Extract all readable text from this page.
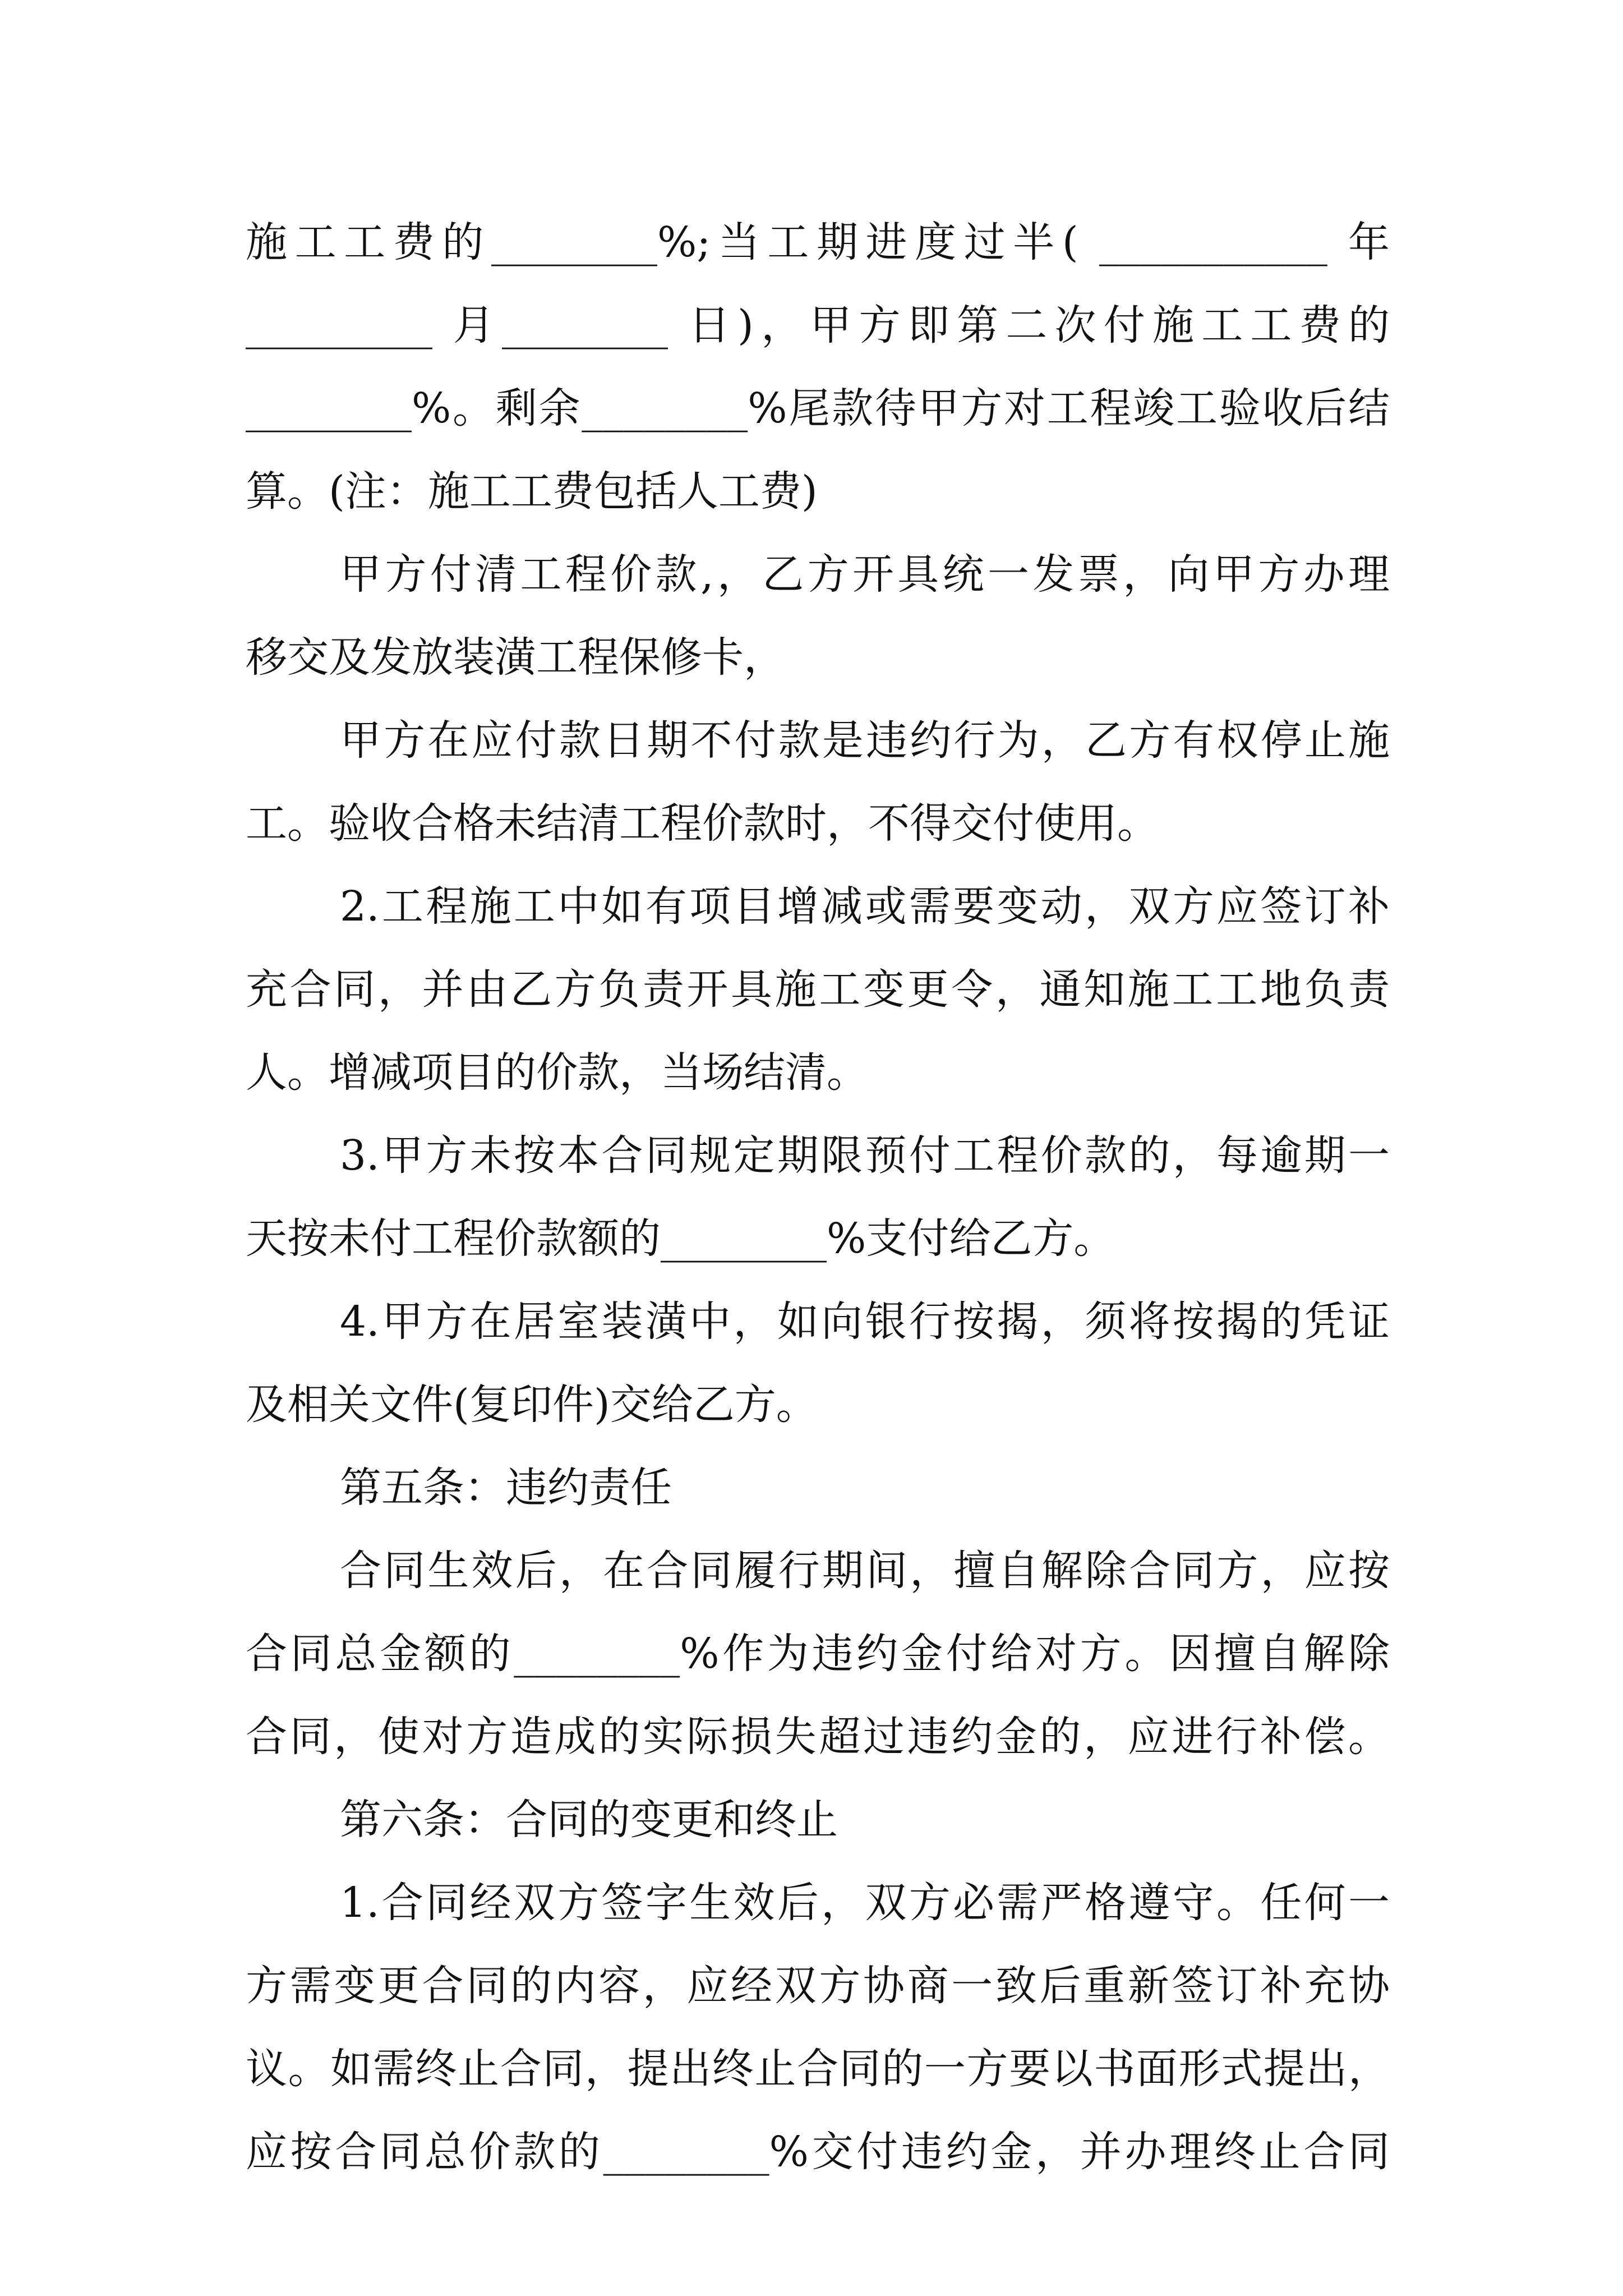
施工工费的________%;当工期进度过半( ___________ 年
_________ 月________ 日)，甲方即第二次付施工工费的
________%。剩余________%尾款待甲方对工程竣工验收后结
算。(注：施工工费包括人工费)
甲方付清工程价款,，乙方开具统一发票，向甲方办理
移交及发放装潢工程保修卡，
甲方在应付款日期不付款是违约行为，乙方有权停止施
工。验收合格未结清工程价款时，不得交付使用。
2.工程施工中如有项目增减或需要变动，双方应签订补
充合同，并由乙方负责开具施工变更令，通知施工工地负责
人。增减项目的价款，当场结清。
3.甲方未按本合同规定期限预付工程价款的，每逾期一
天按未付工程价款额的________%支付给乙方。
4.甲方在居室装潢中，如向银行按揭，须将按揭的凭证
及相关文件(复印件)交给乙方。
第五条：违约责任
合同生效后，在合同履行期间，擅自解除合同方，应按
合同总金额的________%作为违约金付给对方。因擅自解除
合同，使对方造成的实际损失超过违约金的，应进行补偿。
第六条：合同的变更和终止
1.合同经双方签字生效后，双方必需严格遵守。任何一
方需变更合同的内容，应经双方协商一致后重新签订补充协
议。如需终止合同，提出终止合同的一方要以书面形式提出，
应按合同总价款的________%交付违约金，并办理终止合同
